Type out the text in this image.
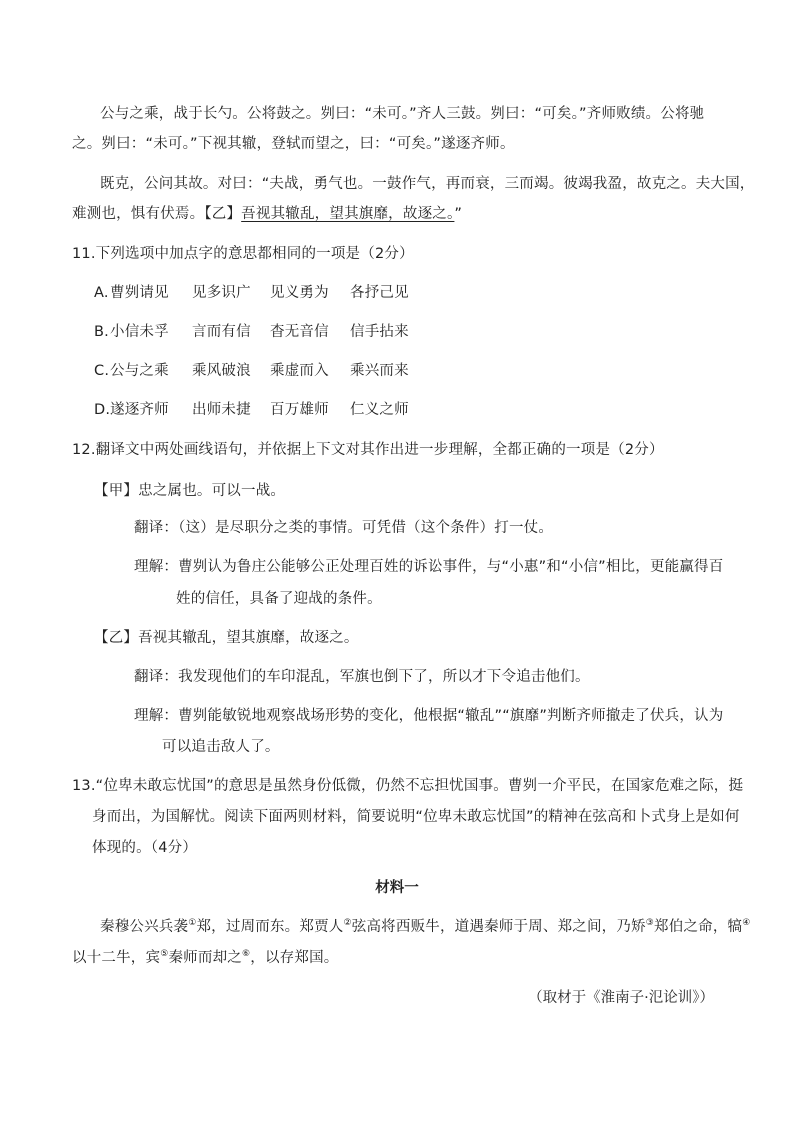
公与之乘，战于长勺。公将鼓之。刿曰：“未可。”齐人三鼓。刿曰：“可矣。”齐师败绩。公将驰
之。刿曰：“未可。”下视其辙，登轼而望之，曰：“可矣。”遂逐齐师。
既克，公问其故。对曰：“夫战，勇气也。一鼓作气，再而衰，三而竭。彼竭我盈，故克之。夫大国，
难测也，惧有伏焉。【乙】吾视其辙乱，望其旗靡，故逐之。”
11.下列选项中加点字的意思都相同的一项是（2分）
A.曹刿请见 见多识广 见义勇为 各抒己见
B.小信未孚 言而有信 杳无音信 信手拈来
C.公与之乘 乘风破浪 乘虚而入 乘兴而来
D.遂逐齐师 出师未捷 百万雄师 仁义之师
12.翻译文中两处画线语句，并依据上下文对其作出进一步理解，全都正确的一项是（2分）
【甲】忠之属也。可以一战。
翻译：（这）是尽职分之类的事情。可凭借（这个条件）打一仗。
理解：曹刿认为鲁庄公能够公正处理百姓的诉讼事件，与“小惠”和“小信”相比，更能赢得百
姓的信任，具备了迎战的条件。
【乙】吾视其辙乱，望其旗靡，故逐之。
翻译：我发现他们的车印混乱，军旗也倒下了，所以才下令追击他们。
理解：曹刿能敏锐地观察战场形势的变化，他根据“辙乱”“旗靡”判断齐师撤走了伏兵，认为
可以追击敌人了。
13.“位卑未敢忘忧国”的意思是虽然身份低微，仍然不忘担忧国事。曹刿一介平民，在国家危难之际，挺
身而出，为国解忧。阅读下面两则材料，简要说明“位卑未敢忘忧国”的精神在弦高和卜式身上是如何
体现的。（4分）
材料一
秦穆公兴兵袭①郑，过周而东。郑贾人②弦高将西贩牛，道遇秦师于周、郑之间，乃矫③郑伯之命，犒④
以十二牛，宾⑤秦师而却之⑥，以存郑国。
（取材于《淮南子·氾论训》）
